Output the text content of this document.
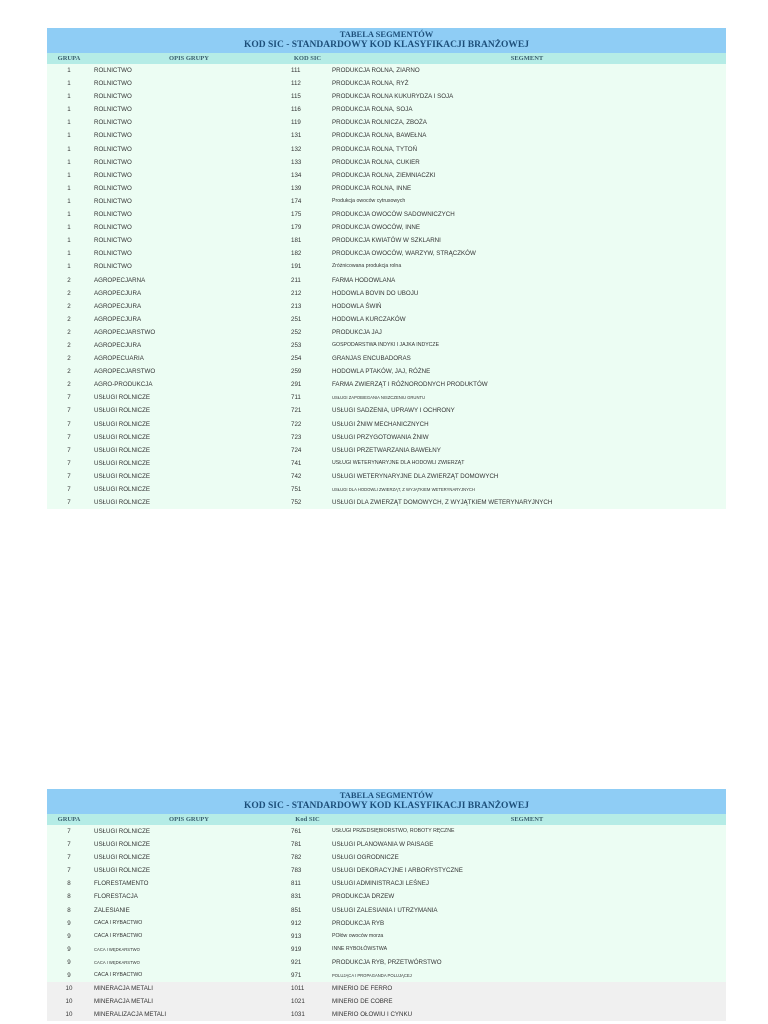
TABELA SEGMENTÓW
KOD SIC - STANDARDOWY KOD KLASYFIKACJI BRANŻOWEJ
GRUPA	OPIS GRUPY	KOD SIC	SEGMENT
1	ROLNICTWO	111	PRODUKCJA ROLNA, ZIARNO
1	ROLNICTWO	112	PRODUKCJA ROLNA, RYŻ
1	ROLNICTWO	115	PRODUKCJA ROLNA KUKURYDZA I SOJA
1	ROLNICTWO	116	PRODUKCJA ROLNA, SOJA
1	ROLNICTWO	119	PRODUKCJA ROLNICZA, ZBOŻA
1	ROLNICTWO	131	PRODUKCJA ROLNA, BAWEŁNA
1	ROLNICTWO	132	PRODUKCJA ROLNA, TYTOŃ
1	ROLNICTWO	133	PRODUKCJA ROLNA, CUKIER
1	ROLNICTWO	134	PRODUKCJA ROLNA, ZIEMNIACZKI
1	ROLNICTWO	139	PRODUKCJA ROLNA, INNE
1	ROLNICTWO	174	Produkcja owoców cytrusowych
1	ROLNICTWO	175	PRODUKCJA OWOCÓW SADOWNICZYCH
1	ROLNICTWO	179	PRODUKCJA OWOCÓW, INNE
1	ROLNICTWO	181	PRODUKCJA KWIATÓW W SZKLARNI
1	ROLNICTWO	182	PRODUKCJA OWOCÓW, WARZYW, STRĄCZKÓW
1	ROLNICTWO	191	Zróżnicowana produkcja rolna
2	AGROPECJARNA	211	FARMA HODOWLANA
2	AGROPECJURA	212	HODOWLA BOVIN DO UBOJU
2	AGROPECJURA	213	HODOWLA ŚWIŃ
2	AGROPECJURA	251	HODOWLA KURCZAKÓW
2	AGROPECJARSTWO	252	PRODUKCJA JAJ
2	AGROPECJURA	253	GOSPODARSTWA INDYKI I JAJKA INDYCZE
2	AGROPECUARIA	254	GRANJAS ENCUBADORAS
2	AGROPECJARSTWO	259	HODOWLA PTAKÓW, JAJ, RÓŻNE
2	AGRO-PRODUKCJA	291	FARMA ZWIERZĄT I RÓŻNORODNYCH PRODUKTÓW
7	USŁUGI ROLNICZE	711	USŁUGI ZAPOBIEGANIA NISZCZENIU GRUNTU
7	USŁUGI ROLNICZE	721	USŁUGI SADZENIA, UPRAWY I OCHRONY
7	USŁUGI ROLNICZE	722	USŁUGI ŻNIW MECHANICZNYCH
7	USŁUGI ROLNICZE	723	USŁUGI PRZYGOTOWANIA ŻNIW
7	USŁUGI ROLNICZE	724	USŁUGI PRZETWARZANIA BAWEŁNY
7	USŁUGI ROLNICZE	741	USŁUGI WETERYNARYJNE DLA HODOWLI ZWIERZĄT
7	USŁUGI ROLNICZE	742	USŁUGI WETERYNARYJNE DLA ZWIERZĄT DOMOWYCH
7	USŁUGI ROLNICZE	751	USŁUGI DLA HODOWLI ZWIERZĄT, Z WYJĄTKIEM WETERYNARYJNYCH
7	USŁUGI ROLNICZE	752	USŁUGI DLA ZWIERZĄT DOMOWYCH, Z WYJĄTKIEM WETERYNARYJNYCH
TABELA SEGMENTÓW
KOD SIC - STANDARDOWY KOD KLASYFIKACJI BRANŻOWEJ
GRUPA	OPIS GRUPY	Kod SIC	SEGMENT
7	USŁUGI ROLNICZE	761	USŁUGI PRZEDSIĘBIORSTWO, ROBOTY RĘCZNE
7	USŁUGI ROLNICZE	781	USŁUGI PLANOWANIA W PAISAGE
7	USŁUGI ROLNICZE	782	USŁUGI OGRODNICZE
7	USŁUGI ROLNICZE	783	USŁUGI DEKORACYJNE I ARBORYSTYCZNE
8	FLORESTAMENTO	811	USŁUGI ADMINISTRACJI LEŚNEJ
8	FLORESTACJA	831	PRODUKCJA DRZEW
8	ZALESIANIE	851	USŁUGI ZALESIANIA I UTRZYMANIA
9	CACA I RYBACTWO	912	PRODUKCJA RYB
9	CACA I RYBACTWO	913	POłów owoców morza
9	CACA I WĘDKARSTWO	919	INNE RYBOŁÓWSTWA
9	CACA I WĘDKARSTWO	921	PRODUKCJA RYB, PRZETWÓRSTWO
9	CACA I RYBACTWO	971	POLUJĄCA I PROPAGANDA POLUJĄCEJ
10	MINERACJA METALI	1011	MINERIO DE FERRO
10	MINERACJA METALI	1021	MINERIO DE COBRE
10	MINERALIZACJA METALI	1031	MINERIO OŁOWIU I CYNKU
